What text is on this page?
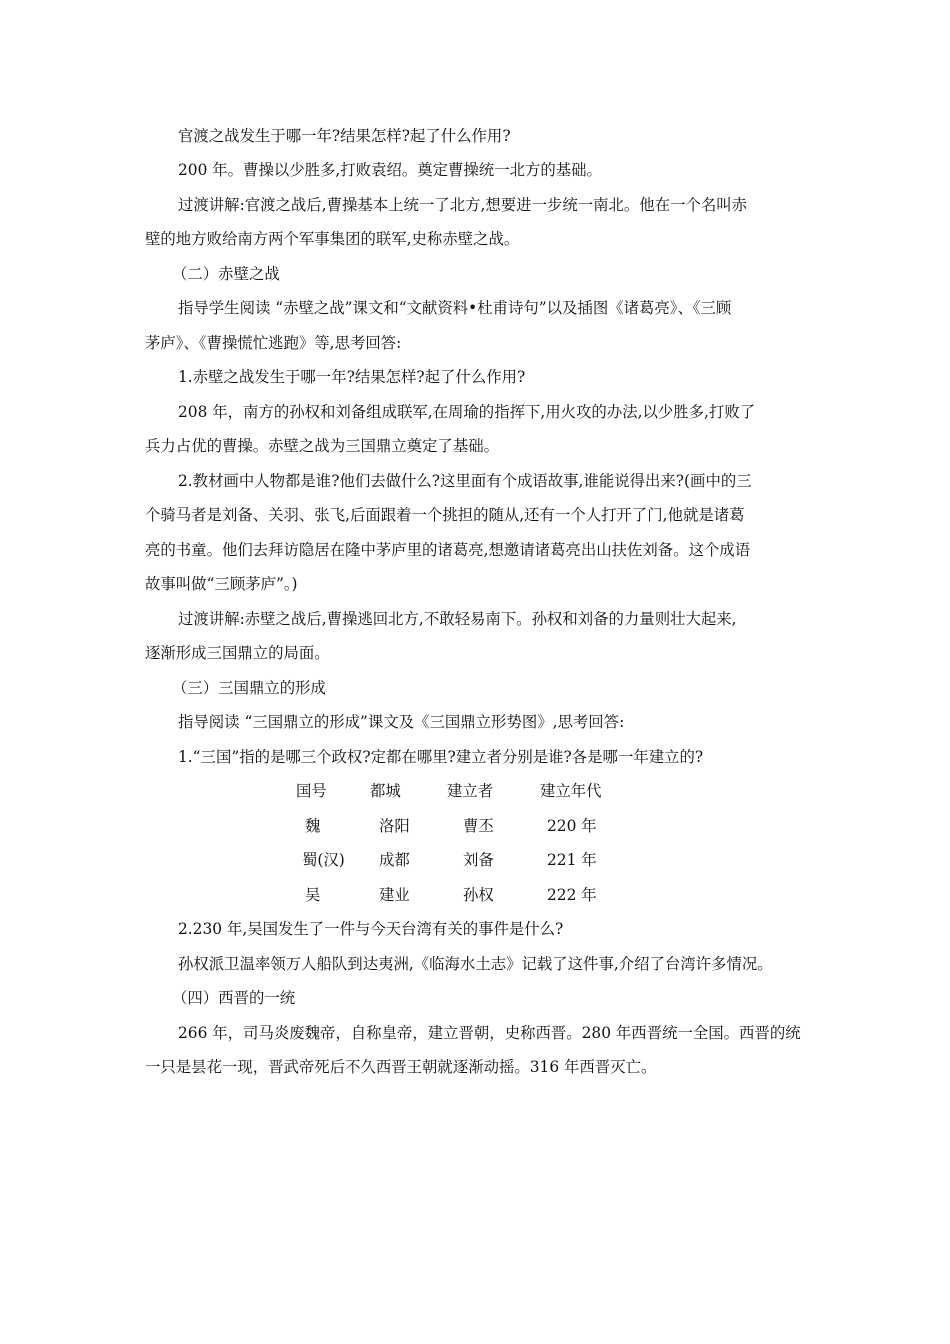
官渡之战发生于哪一年?结果怎样?起了什么作用?
200 年。曹操以少胜多,打败袁绍。奠定曹操统一北方的基础。
过渡讲解:官渡之战后,曹操基本上统一了北方,想要进一步统一南北。他在一个名叫赤
壁的地方败给南方两个军事集团的联军,史称赤壁之战。
（二）赤壁之战
指导学生阅读 “赤壁之战”课文和“文献资料•杜甫诗句”以及插图《诸葛亮》、《三顾
茅庐》、《曹操慌忙逃跑》等,思考回答:
1.赤壁之战发生于哪一年?结果怎样?起了什么作用?
208 年，南方的孙权和刘备组成联军,在周瑜的指挥下,用火攻的办法,以少胜多,打败了
兵力占优的曹操。赤壁之战为三国鼎立奠定了基础。
2.教材画中人物都是谁?他们去做什么?这里面有个成语故事,谁能说得出来?(画中的三
个骑马者是刘备、关羽、张飞,后面跟着一个挑担的随从,还有一个人打开了门,他就是诸葛
亮的书童。他们去拜访隐居在隆中茅庐里的诸葛亮,想邀请诸葛亮出山扶佐刘备。这个成语
故事叫做“三顾茅庐”。)
过渡讲解:赤壁之战后,曹操逃回北方,不敢轻易南下。孙权和刘备的力量则壮大起来,
逐渐形成三国鼎立的局面。
（三）三国鼎立的形成
指导阅读 “三国鼎立的形成”课文及《三国鼎立形势图》,思考回答:
1.“三国”指的是哪三个政权?定都在哪里?建立者分别是谁?各是哪一年建立的?
国号	都城	建立者	建立年代
魏	洛阳	曹丕	220 年
蜀(汉) 成都	刘备	221 年
吴	建业	孙权	222 年
2.230 年,吴国发生了一件与今天台湾有关的事件是什么?
孙权派卫温率领万人船队到达夷洲,《临海水土志》记载了这件事,介绍了台湾许多情况。
（四）西晋的一统
266 年，司马炎废魏帝，自称皇帝，建立晋朝，史称西晋。280 年西晋统一全国。西晋的统
一只是昙花一现，晋武帝死后不久西晋王朝就逐渐动摇。316 年西晋灭亡。
